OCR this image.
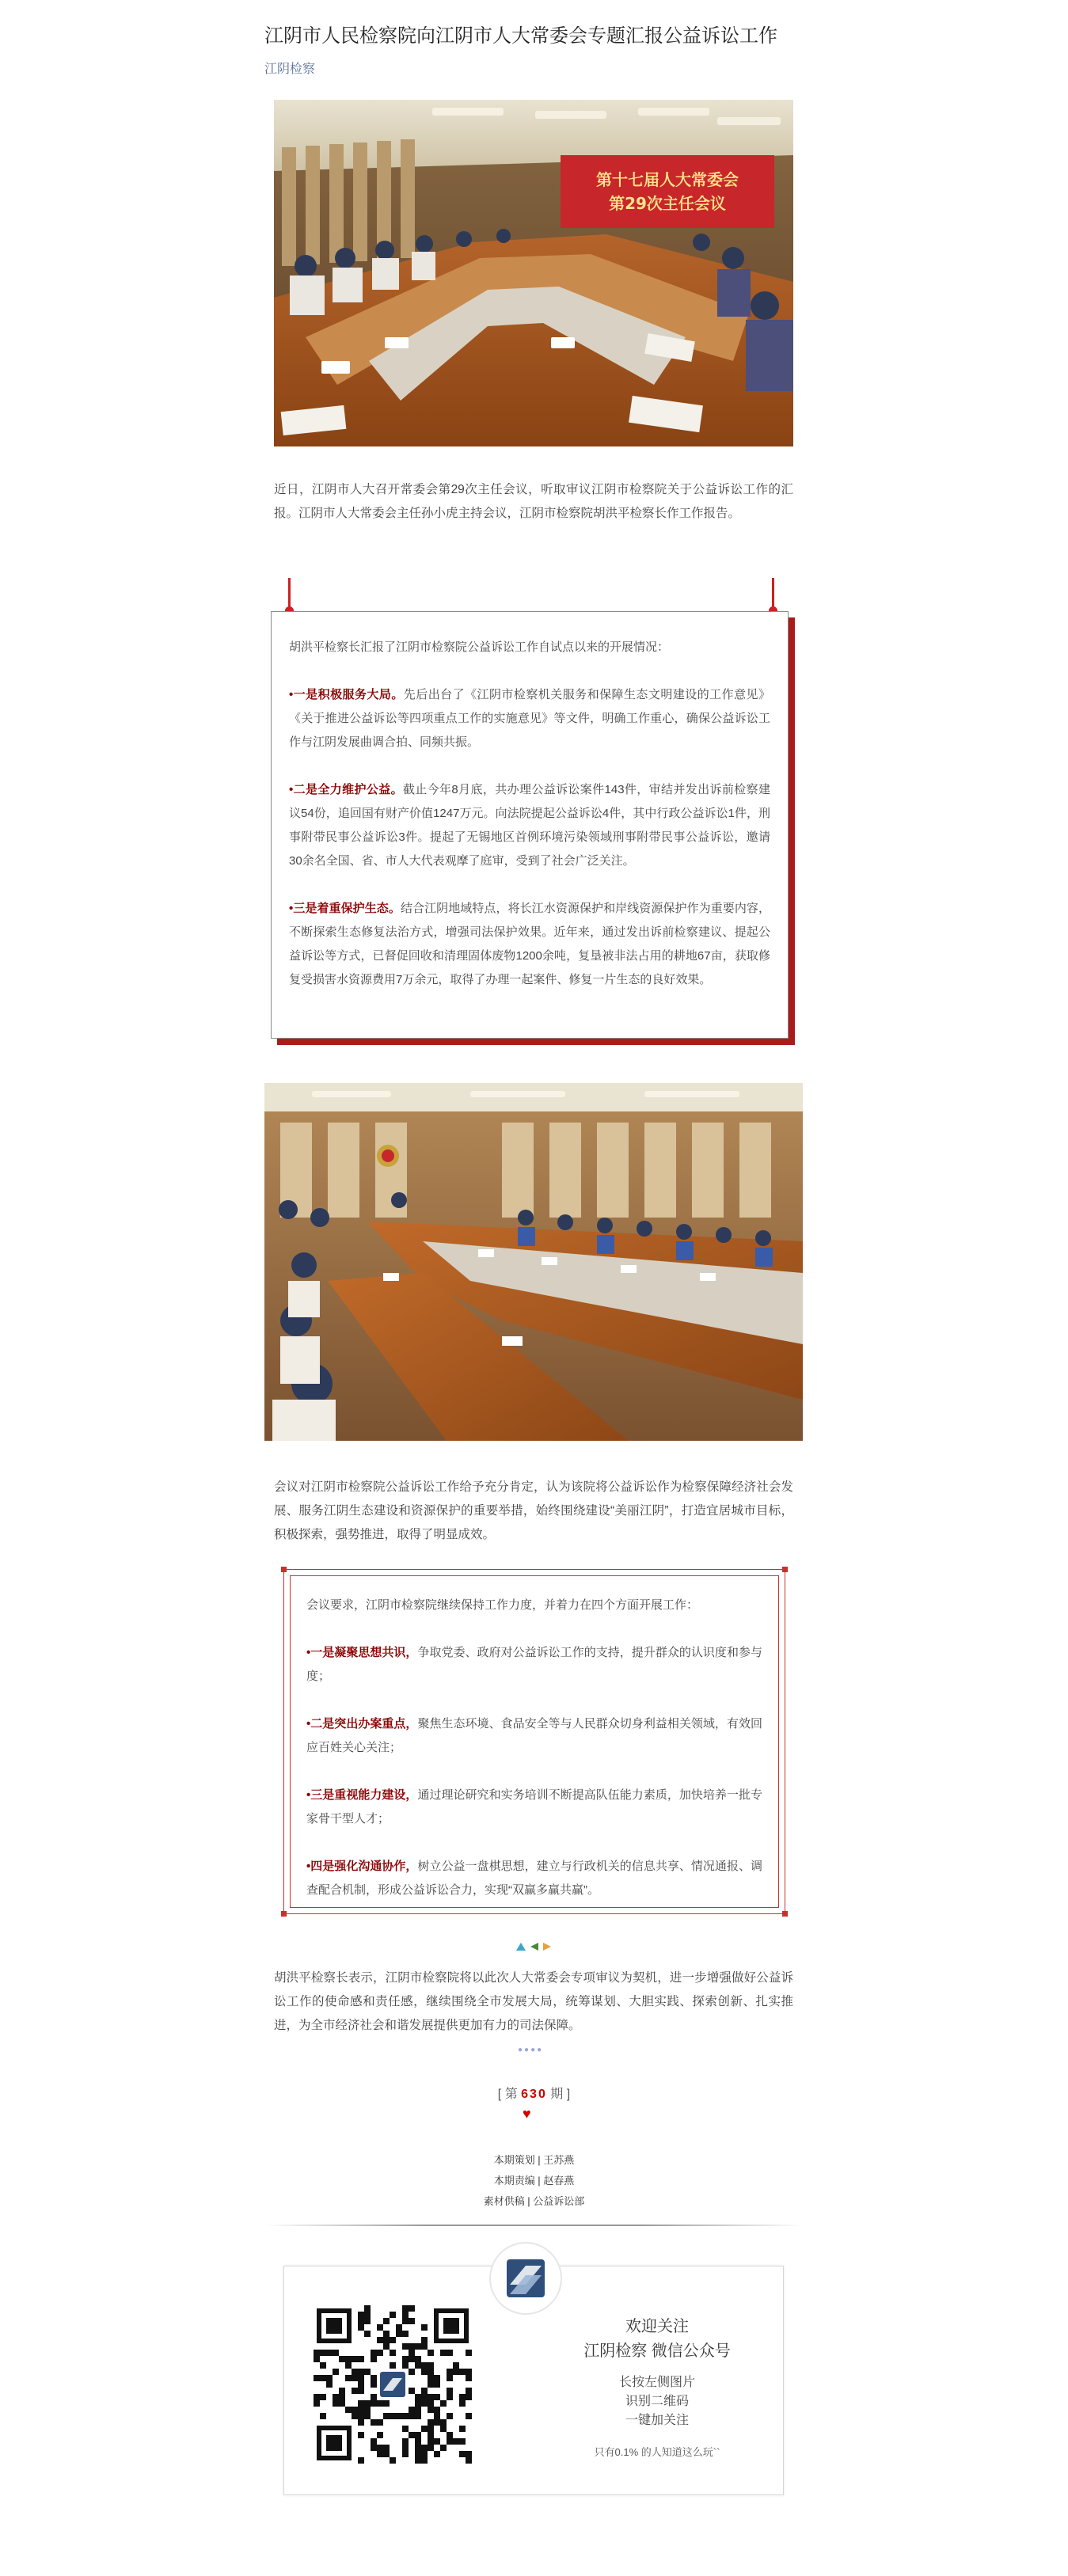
江阴市人民检察院向江阴市人大常委会专题汇报公益诉讼工作
江阴检察
第十七届人大常委会
第29次主任会议
近日，江阴市人大召开常委会第29次主任会议，听取审议江阴市检察院关于公益诉讼工作的汇报。江阴市人大常委会主任孙小虎主持会议，江阴市检察院胡洪平检察长作工作报告。
胡洪平检察长汇报了江阴市检察院公益诉讼工作自试点以来的开展情况：
•一是积极服务大局。先后出台了《江阴市检察机关服务和保障生态文明建设的工作意见》《关于推进公益诉讼等四项重点工作的实施意见》等文件，明确工作重心，确保公益诉讼工作与江阴发展曲调合拍、同频共振。
•二是全力维护公益。截止今年8月底，共办理公益诉讼案件143件，审结并发出诉前检察建议54份，追回国有财产价值1247万元。向法院提起公益诉讼4件，其中行政公益诉讼1件，刑事附带民事公益诉讼3件。提起了无锡地区首例环境污染领域刑事附带民事公益诉讼，邀请30余名全国、省、市人大代表观摩了庭审，受到了社会广泛关注。
•三是着重保护生态。结合江阴地域特点，将长江水资源保护和岸线资源保护作为重要内容，不断探索生态修复法治方式，增强司法保护效果。近年来，通过发出诉前检察建议、提起公益诉讼等方式，已督促回收和清理固体废物1200余吨，复垦被非法占用的耕地67亩，获取修复受损害水资源费用7万余元，取得了办理一起案件、修复一片生态的良好效果。
会议对江阴市检察院公益诉讼工作给予充分肯定，认为该院将公益诉讼作为检察保障经济社会发展、服务江阴生态建设和资源保护的重要举措，始终围绕建设“美丽江阴”，打造宜居城市目标，积极探索，强势推进，取得了明显成效。
会议要求，江阴市检察院继续保持工作力度，并着力在四个方面开展工作：
•一是凝聚思想共识，争取党委、政府对公益诉讼工作的支持，提升群众的认识度和参与度；
•二是突出办案重点，聚焦生态环境、食品安全等与人民群众切身利益相关领域，有效回应百姓关心关注；
•三是重视能力建设，通过理论研究和实务培训不断提高队伍能力素质，加快培养一批专家骨干型人才；
•四是强化沟通协作，树立公益一盘棋思想，建立与行政机关的信息共享、情况通报、调查配合机制，形成公益诉讼合力，实现“双赢多赢共赢”。
胡洪平检察长表示，江阴市检察院将以此次人大常委会专项审议为契机，进一步增强做好公益诉讼工作的使命感和责任感，继续围绕全市发展大局，统筹谋划、大胆实践、探索创新、扎实推进，为全市经济社会和谐发展提供更加有力的司法保障。
●●●●
[ 第 630 期 ]
♥
本期策划 | 王苏燕
本期责编 | 赵春燕
素材供稿 | 公益诉讼部
欢迎关注
江阴检察 微信公众号
长按左侧图片
识别二维码
一键加关注
只有0.1% 的人知道这么玩``
